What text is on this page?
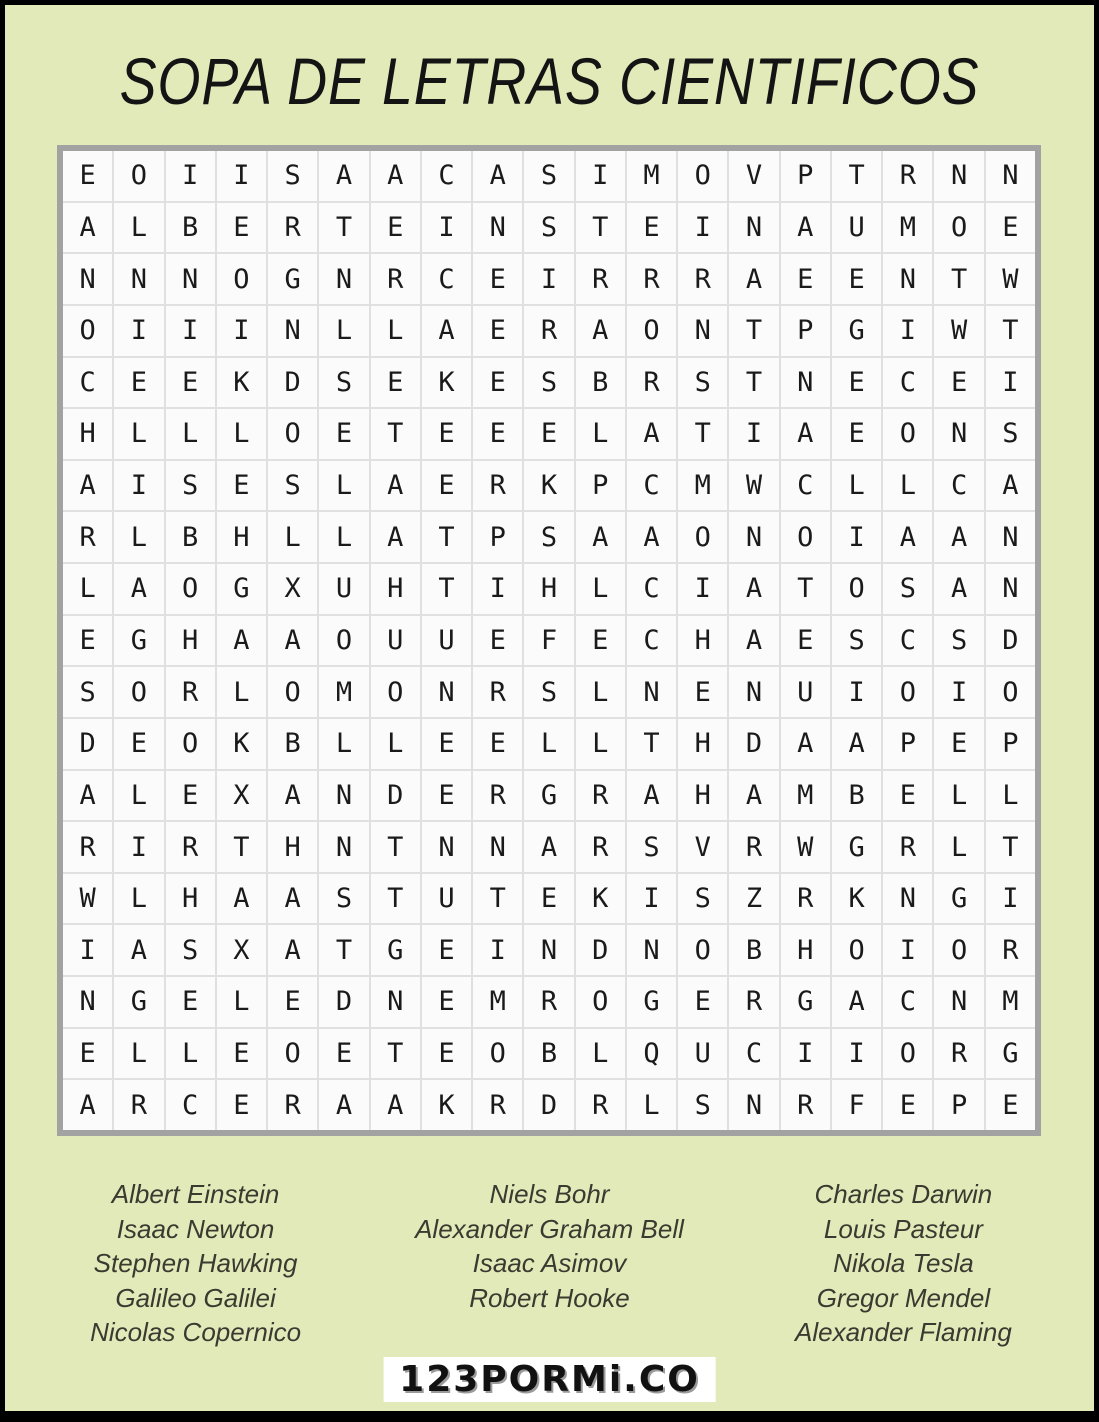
SOPA DE LETRAS CIENTIFICOS
E	O	I	I	S	A	A	C	A	S	I	M	O	V	P	T	R	N	N
A	L	B	E	R	T	E	I	N	S	T	E	I	N	A	U	M	O	E
N	N	N	O	G	N	R	C	E	I	R	R	R	A	E	E	N	T	W
O	I	I	I	N	L	L	A	E	R	A	O	N	T	P	G	I	W	T
C	E	E	K	D	S	E	K	E	S	B	R	S	T	N	E	C	E	I
H	L	L	L	O	E	T	E	E	E	L	A	T	I	A	E	O	N	S
A	I	S	E	S	L	A	E	R	K	P	C	M	W	C	L	L	C	A
R	L	B	H	L	L	A	T	P	S	A	A	O	N	O	I	A	A	N
L	A	O	G	X	U	H	T	I	H	L	C	I	A	T	O	S	A	N
E	G	H	A	A	O	U	U	E	F	E	C	H	A	E	S	C	S	D
S	O	R	L	O	M	O	N	R	S	L	N	E	N	U	I	O	I	O
D	E	O	K	B	L	L	E	E	L	L	T	H	D	A	A	P	E	P
A	L	E	X	A	N	D	E	R	G	R	A	H	A	M	B	E	L	L
R	I	R	T	H	N	T	N	N	A	R	S	V	R	W	G	R	L	T
W	L	H	A	A	S	T	U	T	E	K	I	S	Z	R	K	N	G	I
I	A	S	X	A	T	G	E	I	N	D	N	O	B	H	O	I	O	R
N	G	E	L	E	D	N	E	M	R	O	G	E	R	G	A	C	N	M
E	L	L	E	O	E	T	E	O	B	L	Q	U	C	I	I	O	R	G
A	R	C	E	R	A	A	K	R	D	R	L	S	N	R	F	E	P	E
Albert Einstein
Isaac Newton
Stephen Hawking
Galileo Galilei
Nicolas Copernico
Niels Bohr
Alexander Graham Bell
Isaac Asimov
Robert Hooke
Charles Darwin
Louis Pasteur
Nikola Tesla
Gregor Mendel
Alexander Flaming
123PORMi.CO
